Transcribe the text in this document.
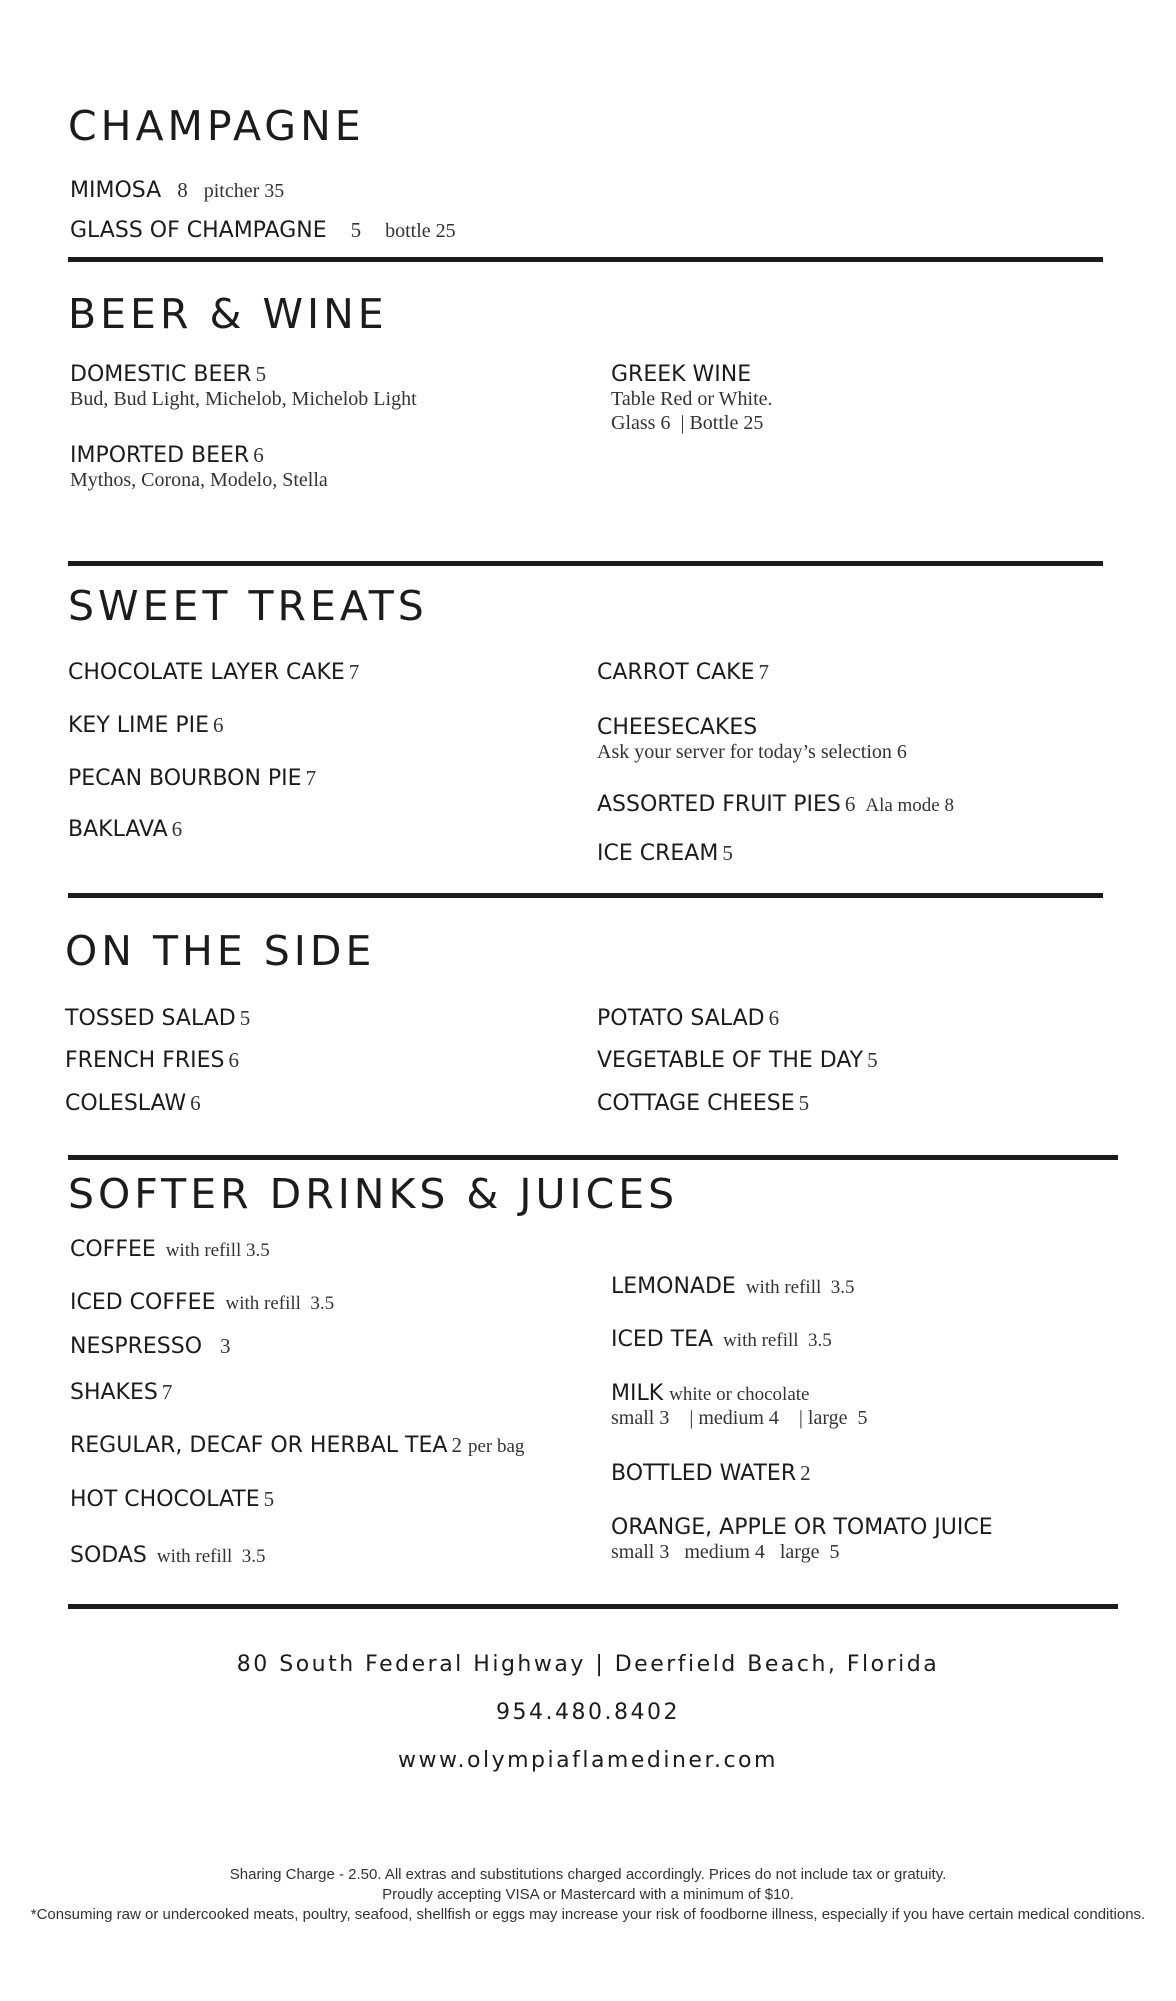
CHAMPAGNE
MIMOSA 8 pitcher 35
GLASS OF CHAMPAGNE 5 bottle 25
BEER & WINE
DOMESTIC BEER 5
Bud, Bud Light, Michelob, Michelob Light
IMPORTED BEER 6
Mythos, Corona, Modelo, Stella
GREEK WINE
Table Red or White.
Glass 6  | Bottle 25
SWEET TREATS
CHOCOLATE LAYER CAKE 7
KEY LIME PIE 6
PECAN BOURBON PIE 7
BAKLAVA 6
CARROT CAKE 7
CHEESECAKES
Ask your server for today’s selection 6
ASSORTED FRUIT PIES 6 Ala mode 8
ICE CREAM 5
ON THE SIDE
TOSSED SALAD 5
FRENCH FRIES 6
COLESLAW 6
POTATO SALAD 6
VEGETABLE OF THE DAY 5
COTTAGE CHEESE 5
SOFTER DRINKS & JUICES
COFFEE with refill 3.5
ICED COFFEE with refill  3.5
NESPRESSO 3
SHAKES 7
REGULAR, DECAF OR HERBAL TEA 2 per bag
HOT CHOCOLATE 5
SODAS with refill  3.5
LEMONADE with refill  3.5
ICED TEA with refill  3.5
MILK white or chocolate
small 3    | medium 4    | large  5
BOTTLED WATER 2
ORANGE, APPLE OR TOMATO JUICE
small 3   medium 4   large  5
80 South Federal Highway | Deerfield Beach, Florida
954.480.8402
www.olympiaflamediner.com
Sharing Charge - 2.50. All extras and substitutions charged accordingly. Prices do not include tax or gratuity.
Proudly accepting VISA or Mastercard with a minimum of $10.
*Consuming raw or undercooked meats, poultry, seafood, shellfish or eggs may increase your risk of foodborne illness, especially if you have certain medical conditions.
